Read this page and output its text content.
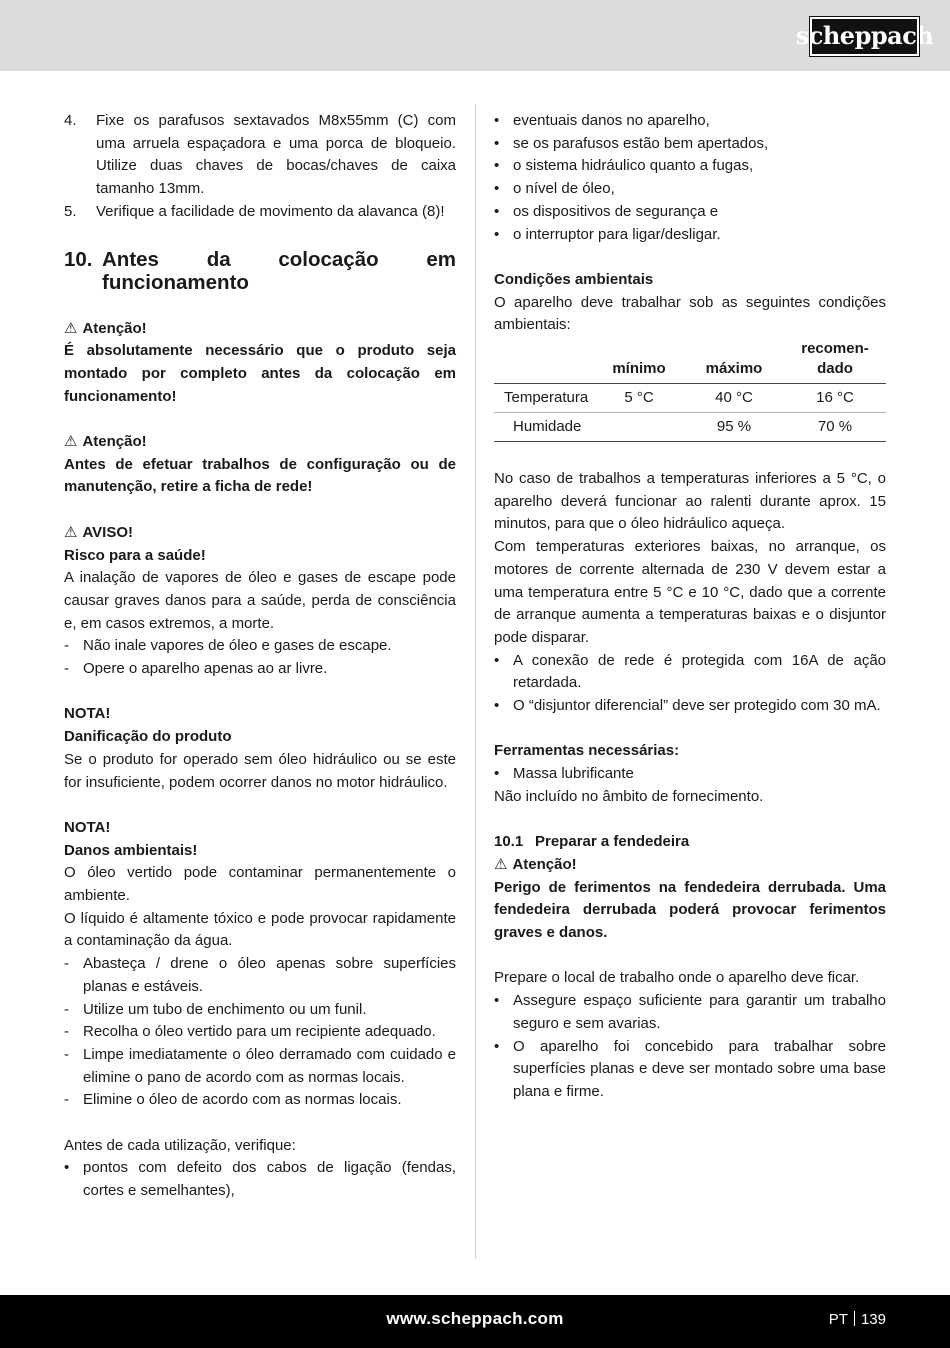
scheppach
4.	Fixe os parafusos sextavados M8x55mm (C) com uma arruela espaçadora e uma porca de bloqueio. Utilize duas chaves de bocas/chaves de caixa tamanho 13mm.
5.	Verifique a facilidade de movimento da alavanca (8)!
10. Antes da colocação em funcionamento

⚠ Atenção!

É absolutamente necessário que o produto seja montado por completo antes da colocação em funcionamento!

⚠ Atenção!

Antes de efetuar trabalhos de configuração ou de manutenção, retire a ficha de rede!

⚠ AVISO!

Risco para a saúde!

A inalação de vapores de óleo e gases de escape pode causar graves danos para a saúde, perda de consciência e, em casos extremos, a morte.

- Não inale vapores de óleo e gases de escape.
- Opere o aparelho apenas ao ar livre.

NOTA!

Danificação do produto

Se o produto for operado sem óleo hidráulico ou se este for insuficiente, podem ocorrer danos no motor hidráulico.

NOTA!

Danos ambientais!

O óleo vertido pode contaminar permanentemente o ambiente.

O líquido é altamente tóxico e pode provocar rapidamente a contaminação da água.

- Abasteça / drene o óleo apenas sobre superfícies planas e estáveis.
- Utilize um tubo de enchimento ou um funil.
- Recolha o óleo vertido para um recipiente adequado.
- Limpe imediatamente o óleo derramado com cuidado e elimine o pano de acordo com as normas locais.
- Elimine o óleo de acordo com as normas locais.

Antes de cada utilização, verifique:

• pontos com defeito dos cabos de ligação (fendas, cortes e semelhantes),
• eventuais danos no aparelho,
• se os parafusos estão bem apertados,
• o sistema hidráulico quanto a fugas,
• o nível de óleo,
• os dispositivos de segurança e
• o interruptor para ligar/desligar.

Condições ambientais

O aparelho deve trabalhar sob as seguintes condições ambientais:

	mínimo	máximo	recomen-
dado
Temperatura	5 °C	40 °C	16 °C
Humidade		95 %	70 %

No caso de trabalhos a temperaturas inferiores a 5 °C, o aparelho deverá funcionar ao ralenti durante aprox. 15 minutos, para que o óleo hidráulico aqueça.

Com temperaturas exteriores baixas, no arranque, os motores de corrente alternada de 230 V devem estar a uma temperatura entre 5 °C e 10 °C, dado que a corrente de arranque aumenta a temperaturas baixas e o disjuntor pode disparar.

• A conexão de rede é protegida com 16A de ação retardada.
• O “disjuntor diferencial” deve ser protegido com 30 mA.

Ferramentas necessárias:

• Massa lubrificante

Não incluído no âmbito de fornecimento.

10.1 Preparar a fendedeira

⚠ Atenção!

Perigo de ferimentos na fendedeira derrubada. Uma fendedeira derrubada poderá provocar ferimentos graves e danos.

Prepare o local de trabalho onde o aparelho deve ficar.

• Assegure espaço suficiente para garantir um trabalho seguro e sem avarias.
• O aparelho foi concebido para trabalhar sobre superfícies planas e deve ser montado sobre uma base plana e firme.
www.scheppach.com	PT 139
